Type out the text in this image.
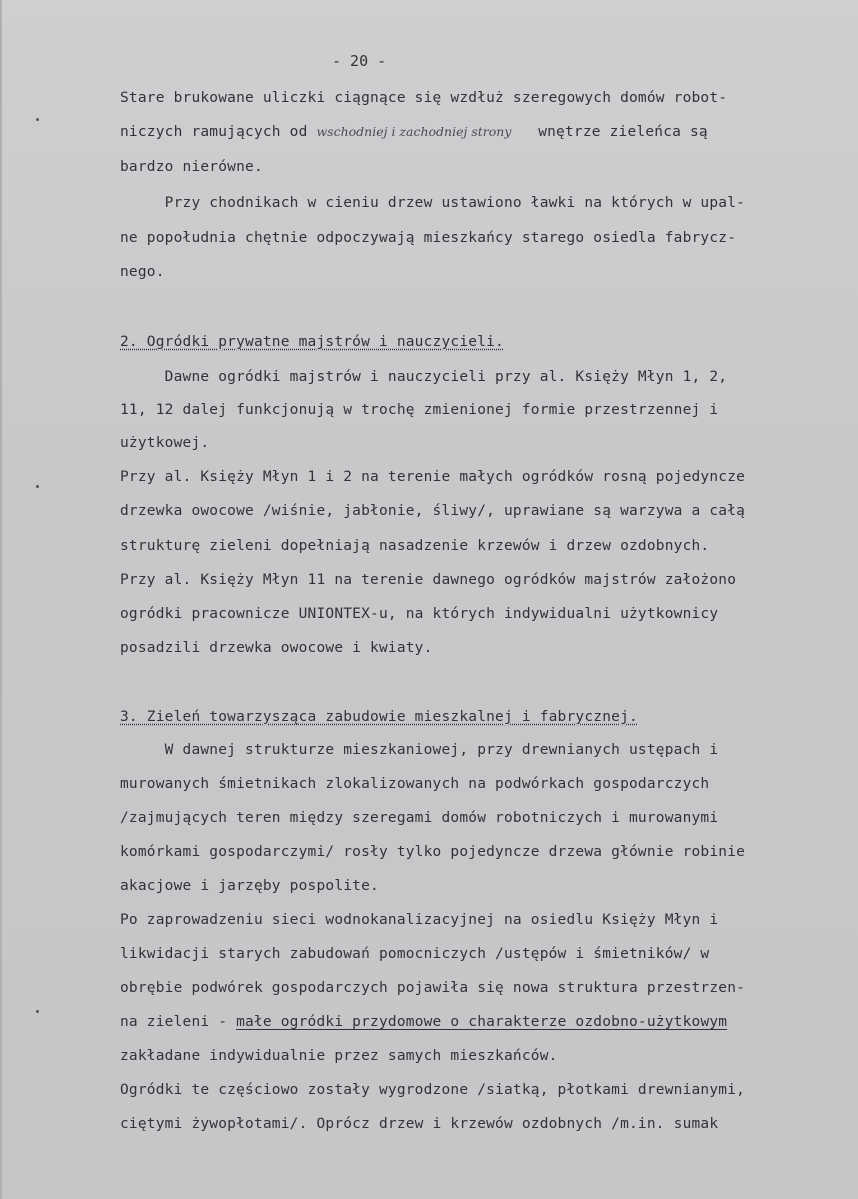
- 20 -
Stare brukowane uliczki ciągnące się wzdłuż szeregowych domów robot-
niczych ramujących od wschodniej i zachodniej strony wnętrze zieleńca są
bardzo nierówne.
Przy chodnikach w cieniu drzew ustawiono ławki na których w upal-
ne popołudnia chętnie odpoczywają mieszkańcy starego osiedla fabrycz-
nego.
2. Ogródki prywatne majstrów i nauczycieli.
Dawne ogródki majstrów i nauczycieli przy al. Księży Młyn 1, 2,
11, 12 dalej funkcjonują w trochę zmienionej formie przestrzennej i
użytkowej.
Przy al. Księży Młyn 1 i 2 na terenie małych ogródków rosną pojedyncze
drzewka owocowe /wiśnie, jabłonie, śliwy/, uprawiane są warzywa a całą
strukturę zieleni dopełniają nasadzenie krzewów i drzew ozdobnych.
Przy al. Księży Młyn 11 na terenie dawnego ogródków majstrów założono
ogródki pracownicze UNIONTEX-u, na których indywidualni użytkownicy
posadzili drzewka owocowe i kwiaty.
3. Zieleń towarzysząca zabudowie mieszkalnej i fabrycznej.
W dawnej strukturze mieszkaniowej, przy drewnianych ustępach i
murowanych śmietnikach zlokalizowanych na podwórkach gospodarczych
/zajmujących teren między szeregami domów robotniczych i murowanymi
komórkami gospodarczymi/ rosły tylko pojedyncze drzewa głównie robinie
akacjowe i jarzęby pospolite.
Po zaprowadzeniu sieci wodnokanalizacyjnej na osiedlu Księży Młyn i
likwidacji starych zabudowań pomocniczych /ustępów i śmietników/ w
obrębie podwórek gospodarczych pojawiła się nowa struktura przestrzen-
na zieleni - małe ogródki przydomowe o charakterze ozdobno-użytkowym
zakładane indywidualnie przez samych mieszkańców.
Ogródki te częściowo zostały wygrodzone /siatką, płotkami drewnianymi,
ciętymi żywopłotami/. Oprócz drzew i krzewów ozdobnych /m.in. sumak
